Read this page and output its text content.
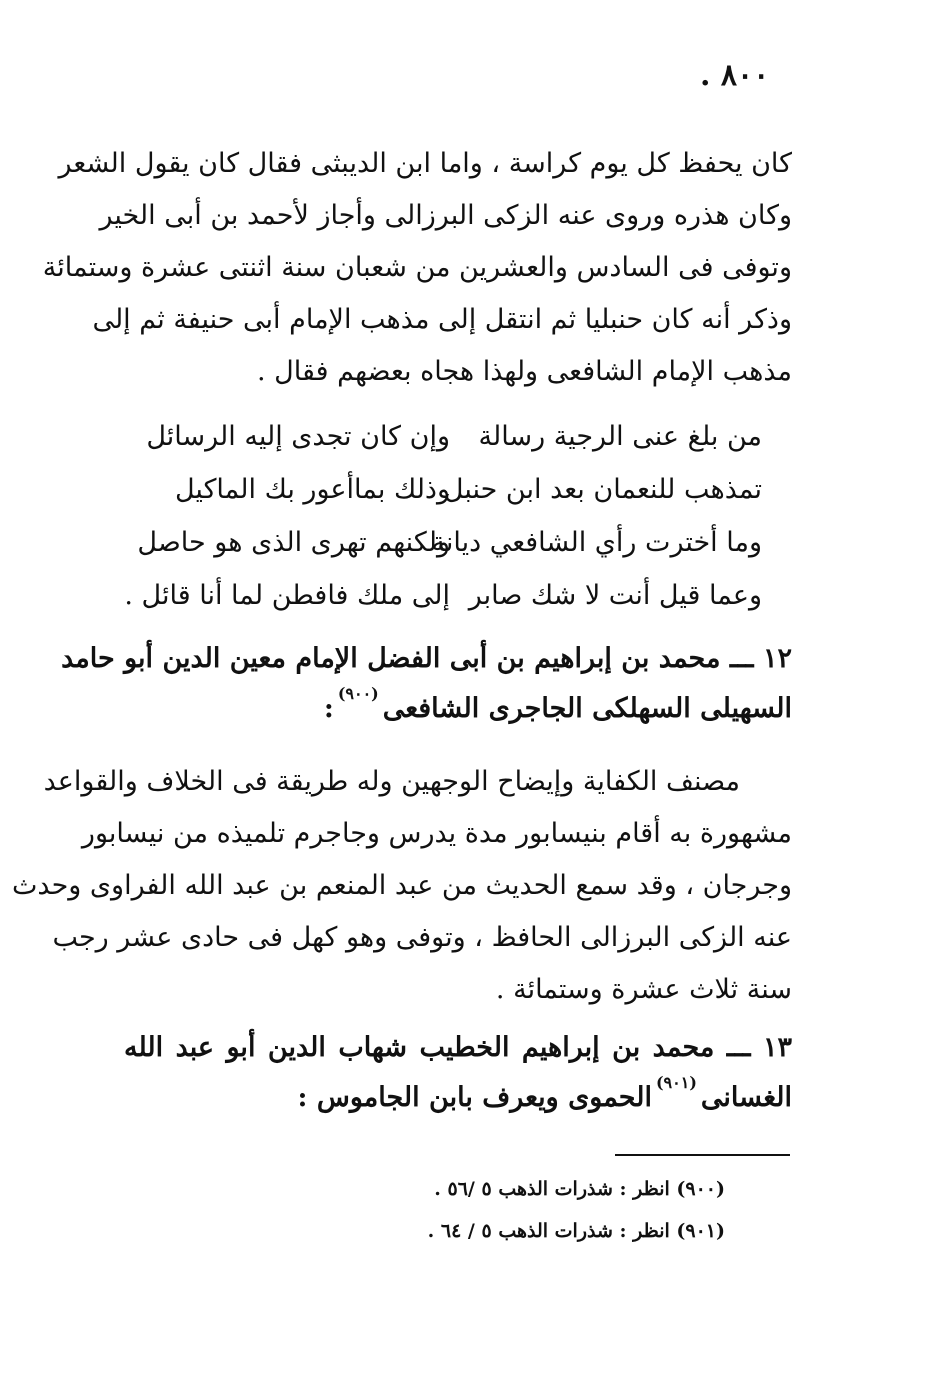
. ٨٠٠
كان يحفظ كل يوم كراسة ، واما ابن الديبثى فقال كان يقول الشعر
وكان هذره وروى عنه الزكى البرزالى وأجاز لأحمد بن أبى الخير
وتوفى فى السادس والعشرين من شعبان سنة اثنتى عشرة وستمائة
وذكر أنه كان حنبليا ثم انتقل إلى مذهب الإمام أبى حنيفة ثم إلى
مذهب الإمام الشافعى ولهذا هجاه بعضهم فقال .
من بلغ عنى الرجية رسالة
وإن كان تجدى إليه الرسائل
تمذهب للنعمان بعد ابن حنبل
وذلك بماأعور بك الماكيل
وما أخترت رأي الشافعي ديانة
ولكنهم تهرى الذى هو حاصل
وعما قيل أنت لا شك صابر
إلى ملك فافطن لما أنا قائل .
١٢ ـــ محمد بن إبراهيم بن أبى الفضل الإمام معين الدين أبو حامد
السهيلى السهلكى الجاجرى الشافعى$^{(٩٠٠)}$:
مصنف الكفاية وإيضاح الوجهين وله طريقة فى الخلاف والقواعد
مشهورة به أقام بنيسابور مدة يدرس وجاجرم تلميذه من نيسابور
وجرجان ، وقد سمع الحديث من عبد المنعم بن عبد الله الفراوى وحدث
عنه الزكى البرزالى الحافظ ، وتوفى وهو كهل فى حادى عشر رجب
سنة ثلاث عشرة وستمائة .
١٣ ـــ محمد بن إبراهيم الخطيب شهاب الدين أبو عبد الله
الغسانى$^{(٩٠١)}$الحموى ويعرف بابن الجاموس :
(٩٠٠) انظر : شذرات الذهب ٥ /٥٦ .
(٩٠١) انظر : شذرات الذهب ٥ / ٦٤ .
